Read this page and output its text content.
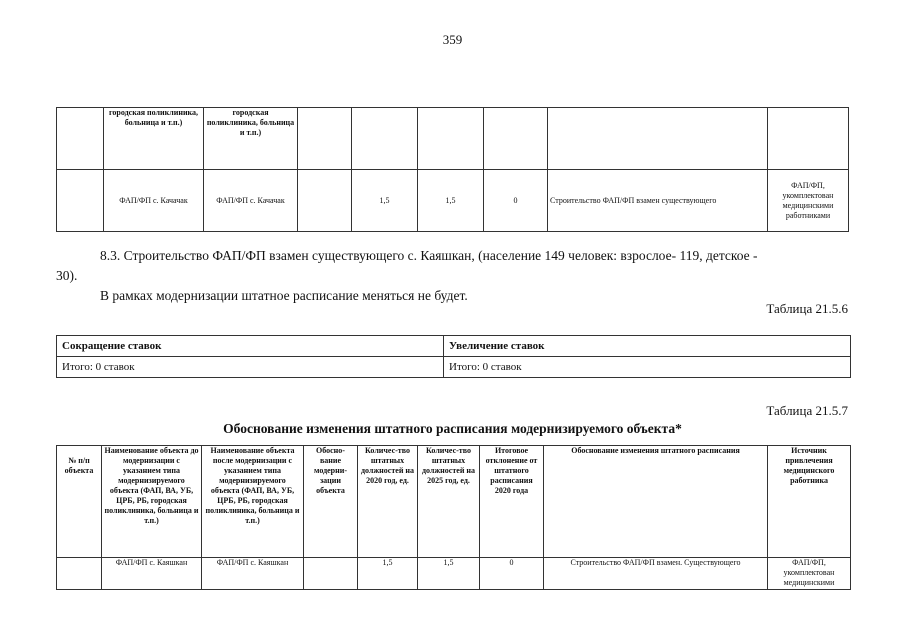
359
	городская поликлиника, больница и т.п.)	городская поликлиника, больница и т.п.)						
	ФАП/ФП с. Качачак	ФАП/ФП с. Качачак		1,5	1,5	0	Строительство ФАП/ФП взамен существующего	ФАП/ФП, укомплектован медицинскими работниками
8.3. Строительство ФАП/ФП взамен существующего с. Каяшкан, (население 149 человек: взрослое- 119, детское -
30).
В рамках модернизации штатное расписание меняться не будет.
Таблица 21.5.6
Сокращение ставок	Увеличение ставок
Итого: 0 ставок	Итого: 0 ставок
Таблица 21.5.7
Обоснование изменения штатного расписания модернизируемого объекта*
№ п/п объекта	Наименование объекта до модернизации с указанием типа модернизируемого объекта (ФАП, ВА, УБ, ЦРБ, РБ, городская поликлиника, больница и т.п.)	Наименование объекта после модернизации с указанием типа модернизируемого объекта (ФАП, ВА, УБ, ЦРБ, РБ, городская поликлиника, больница и т.п.)	Обосно-вание модерни-зации объекта	Количес-тво штатных должностей на 2020 год, ед.	Количес-тво штатных должностей на 2025 год, ед.	Итоговое отклонение от штатного расписания 2020 года	Обоснование изменения штатного расписания	Источник привлечения медицинского работника
	ФАП/ФП с. Каяшкан	ФАП/ФП с. Каяшкан		1,5	1,5	0	Строительство ФАП/ФП взамен. Существующего	ФАП/ФП, укомплектован медицинскими
